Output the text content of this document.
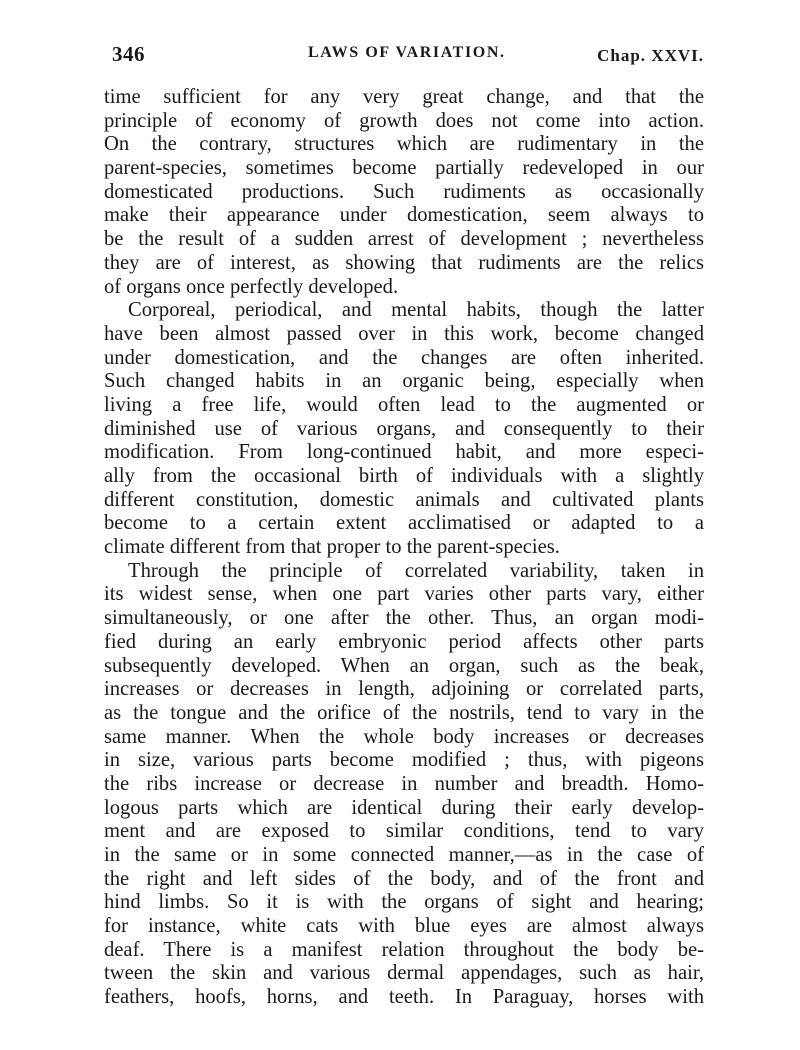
346	LAWS OF VARIATION.	Chap. XXVI.
time sufficient for any very great change, and that the
principle of economy of growth does not come into action.
On the contrary, structures which are rudimentary in the
parent-species, sometimes become partially redeveloped in our
domesticated productions. Such rudiments as occasionally
make their appearance under domestication, seem always to
be the result of a sudden arrest of development ; nevertheless
they are of interest, as showing that rudiments are the relics
of organs once perfectly developed.
Corporeal, periodical, and mental habits, though the latter
have been almost passed over in this work, become changed
under domestication, and the changes are often inherited.
Such changed habits in an organic being, especially when
living a free life, would often lead to the augmented or
diminished use of various organs, and consequently to their
modification. From long-continued habit, and more especi-
ally from the occasional birth of individuals with a slightly
different constitution, domestic animals and cultivated plants
become to a certain extent acclimatised or adapted to a
climate different from that proper to the parent-species.
Through the principle of correlated variability, taken in
its widest sense, when one part varies other parts vary, either
simultaneously, or one after the other. Thus, an organ modi-
fied during an early embryonic period affects other parts
subsequently developed. When an organ, such as the beak,
increases or decreases in length, adjoining or correlated parts,
as the tongue and the orifice of the nostrils, tend to vary in the
same manner. When the whole body increases or decreases
in size, various parts become modified ; thus, with pigeons
the ribs increase or decrease in number and breadth. Homo-
logous parts which are identical during their early develop-
ment and are exposed to similar conditions, tend to vary
in the same or in some connected manner,—as in the case of
the right and left sides of the body, and of the front and
hind limbs. So it is with the organs of sight and hearing;
for instance, white cats with blue eyes are almost always
deaf. There is a manifest relation throughout the body be-
tween the skin and various dermal appendages, such as hair,
feathers, hoofs, horns, and teeth. In Paraguay, horses with
